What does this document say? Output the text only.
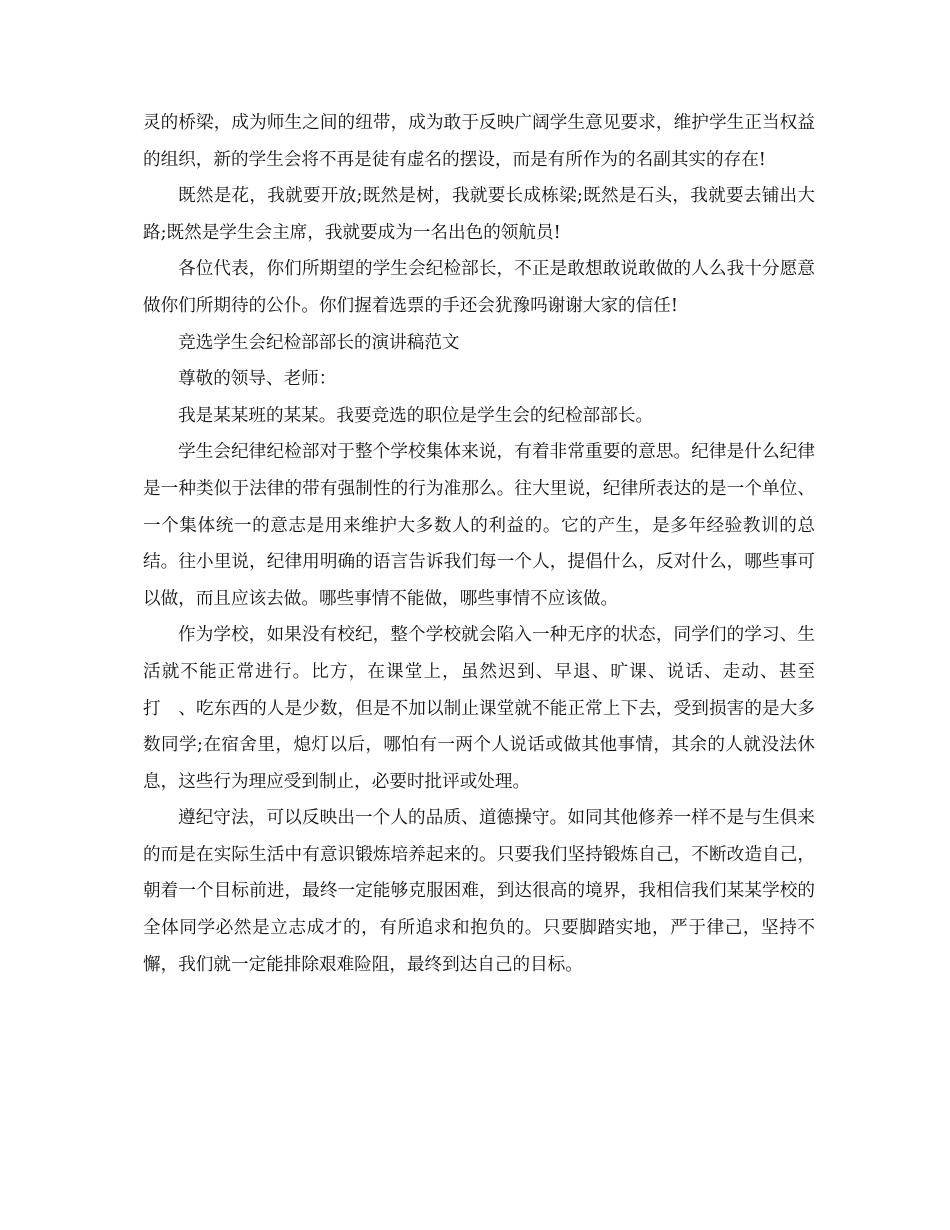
灵的桥梁，成为师生之间的纽带，成为敢于反映广阔学生意见要求，维护学生正当权益的组织，新的学生会将不再是徒有虚名的摆设，而是有所作为的名副其实的存在!

既然是花，我就要开放;既然是树，我就要长成栋梁;既然是石头，我就要去铺出大路;既然是学生会主席，我就要成为一名出色的领航员!

各位代表，你们所期望的学生会纪检部长，不正是敢想敢说敢做的人么我十分愿意做你们所期待的公仆。你们握着选票的手还会犹豫吗谢谢大家的信任!

竞选学生会纪检部部长的演讲稿范文

尊敬的领导、老师：

我是某某班的某某。我要竞选的职位是学生会的纪检部部长。

学生会纪律纪检部对于整个学校集体来说，有着非常重要的意思。纪律是什么纪律是一种类似于法律的带有强制性的行为准那么。往大里说，纪律所表达的是一个单位、一个集体统一的意志是用来维护大多数人的利益的。它的产生，是多年经验教训的总结。往小里说，纪律用明确的语言告诉我们每一个人，提倡什么，反对什么，哪些事可以做，而且应该去做。哪些事情不能做，哪些事情不应该做。

作为学校，如果没有校纪，整个学校就会陷入一种无序的状态，同学们的学习、生活就不能正常进行。比方，在课堂上，虽然迟到、早退、旷课、说话、走动、甚至打　、吃东西的人是少数，但是不加以制止课堂就不能正常上下去，受到损害的是大多数同学;在宿舍里，熄灯以后，哪怕有一两个人说话或做其他事情，其余的人就没法休息，这些行为理应受到制止，必要时批评或处理。

遵纪守法，可以反映出一个人的品质、道德操守。如同其他修养一样不是与生俱来的而是在实际生活中有意识锻炼培养起来的。只要我们坚持锻炼自己，不断改造自己，朝着一个目标前进，最终一定能够克服困难，到达很高的境界，我相信我们某某学校的全体同学必然是立志成才的，有所追求和抱负的。只要脚踏实地，严于律己，坚持不懈，我们就一定能排除艰难险阻，最终到达自己的目标。
